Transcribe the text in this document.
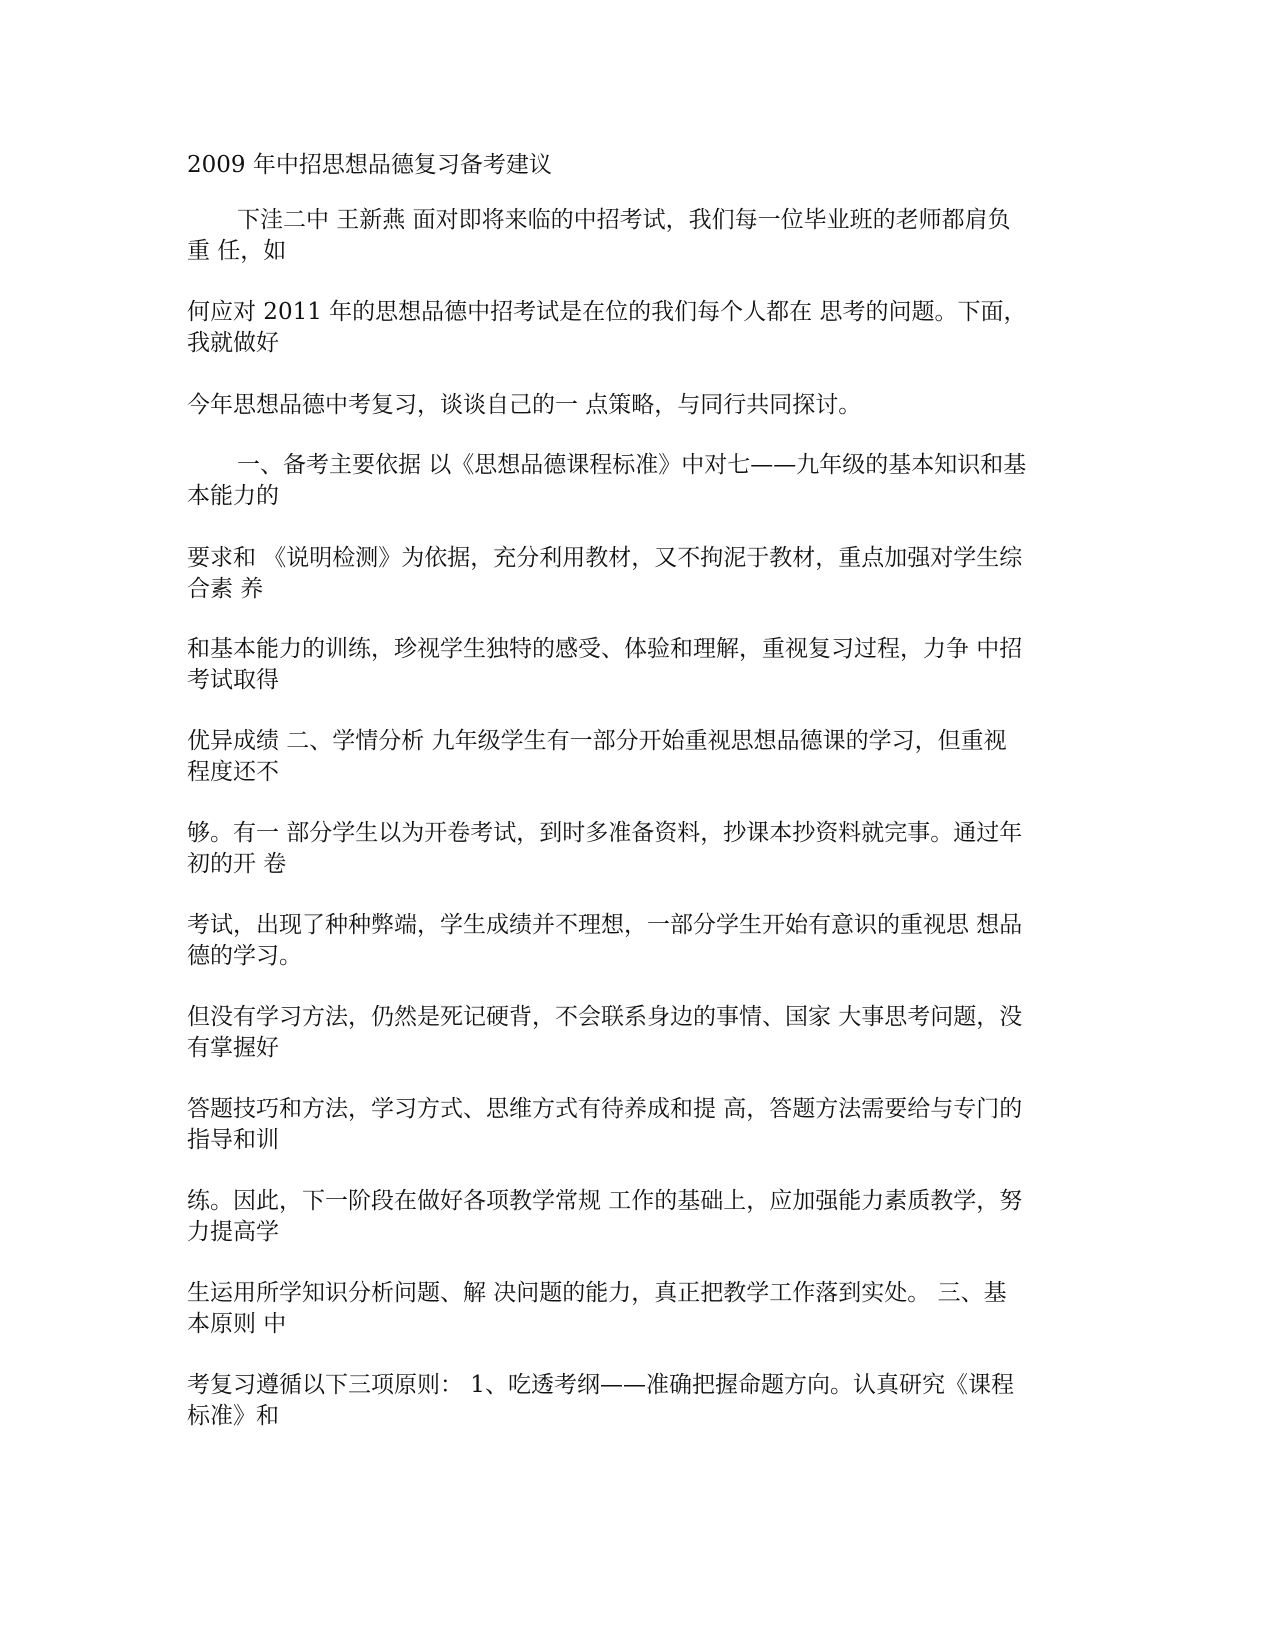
2009 年中招思想品德复习备考建议
下洼二中 王新燕 面对即将来临的中招考试，我们每一位毕业班的老师都肩负
重 任，如
何应对 2011 年的思想品德中招考试是在位的我们每个人都在 思考的问题。下面，
我就做好
今年思想品德中考复习，谈谈自己的一 点策略，与同行共同探讨。
一、备考主要依据 以《思想品德课程标准》中对七——九年级的基本知识和基
本能力的
要求和 《说明检测》为依据，充分利用教材，又不拘泥于教材，重点加强对学生综
合素 养
和基本能力的训练，珍视学生独特的感受、体验和理解，重视复习过程，力争 中招
考试取得
优异成绩 二、学情分析 九年级学生有一部分开始重视思想品德课的学习，但重视
程度还不
够。有一 部分学生以为开卷考试，到时多准备资料，抄课本抄资料就完事。通过年
初的开 卷
考试，出现了种种弊端，学生成绩并不理想，一部分学生开始有意识的重视思 想品
德的学习。
但没有学习方法，仍然是死记硬背，不会联系身边的事情、国家 大事思考问题，没
有掌握好
答题技巧和方法，学习方式、思维方式有待养成和提 高，答题方法需要给与专门的
指导和训
练。因此，下一阶段在做好各项教学常规 工作的基础上，应加强能力素质教学，努
力提高学
生运用所学知识分析问题、解 决问题的能力，真正把教学工作落到实处。 三、基
本原则 中
考复习遵循以下三项原则： 1、吃透考纲——准确把握命题方向。认真研究《课程
标准》和
